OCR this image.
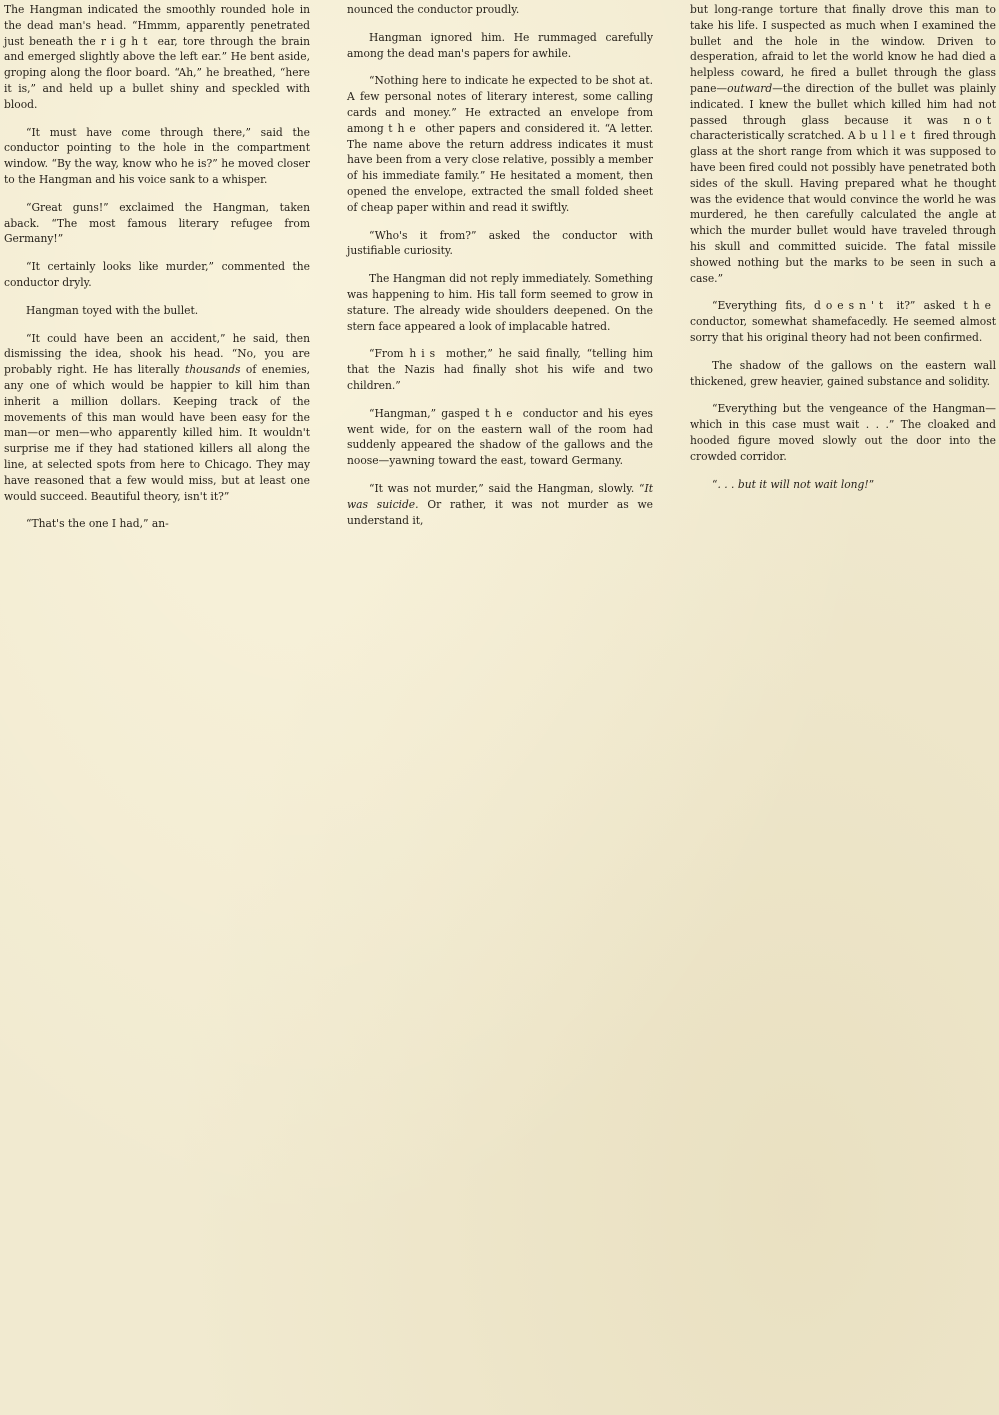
The Hangman indicated the smoothly rounded hole in the dead man's head. “Hmmm, apparently penetrated just beneath the right ear, tore through the brain and emerged slightly above the left ear.” He bent aside, groping along the floor board. “Ah,” he breathed, “here it is,” and held up a bullet shiny and speckled with blood.

“It must have come through there,” said the conductor pointing to the hole in the compartment window. “By the way, know who he is?” he moved closer to the Hangman and his voice sank to a whisper.

“Great guns!” exclaimed the Hangman, taken aback. “The most famous literary refugee from Germany!”

“It certainly looks like murder,” commented the conductor dryly.

Hangman toyed with the bullet.

“It could have been an accident,” he said, then dismissing the idea, shook his head. “No, you are probably right. He has literally thousands of enemies, any one of which would be happier to kill him than inherit a million dollars. Keeping track of the movements of this man would have been easy for the man—or men—who apparently killed him. It wouldn't surprise me if they had stationed killers all along the line, at selected spots from here to Chicago. They may have reasoned that a few would miss, but at least one would succeed. Beautiful theory, isn't it?”

“That's the one I had,” an-

nounced the conductor proudly.

Hangman ignored him. He rummaged carefully among the dead man's papers for awhile.

“Nothing here to indicate he expected to be shot at. A few personal notes of literary interest, some calling cards and money.” He extracted an envelope from among the other papers and considered it. “A letter. The name above the return address indicates it must have been from a very close relative, possibly a member of his immediate family.” He hesitated a moment, then opened the envelope, extracted the small folded sheet of cheap paper within and read it swiftly.

“Who's it from?” asked the conductor with justifiable curiosity.

The Hangman did not reply immediately. Something was happening to him. His tall form seemed to grow in stature. The already wide shoulders deepened. On the stern face appeared a look of implacable hatred.

“From his mother,” he said finally, “telling him that the Nazis had finally shot his wife and two children.”

“Hangman,” gasped the conductor and his eyes went wide, for on the eastern wall of the room had suddenly appeared the shadow of the gallows and the noose—yawning toward the east, toward Germany.

“It was not murder,” said the Hangman, slowly. “It was suicide. Or rather, it was not murder as we understand it,

but long-range torture that finally drove this man to take his life. I suspected as much when I examined the bullet and the hole in the window. Driven to desperation, afraid to let the world know he had died a helpless coward, he fired a bullet through the glass pane—outward—the direction of the bullet was plainly indicated. I knew the bullet which killed him had not passed through glass because it was not characteristically scratched. A bullet fired through glass at the short range from which it was supposed to have been fired could not possibly have penetrated both sides of the skull. Having prepared what he thought was the evidence that would convince the world he was murdered, he then carefully calculated the angle at which the murder bullet would have traveled through his skull and committed suicide. The fatal missile showed nothing but the marks to be seen in such a case.”

“Everything fits, doesn't it?” asked the conductor, somewhat shamefacedly. He seemed almost sorry that his original theory had not been confirmed.

The shadow of the gallows on the eastern wall thickened, grew heavier, gained substance and solidity.

“Everything but the vengeance of the Hangman—which in this case must wait . . .” The cloaked and hooded figure moved slowly out the door into the crowded corridor.

“. . . but it will not wait long!”
